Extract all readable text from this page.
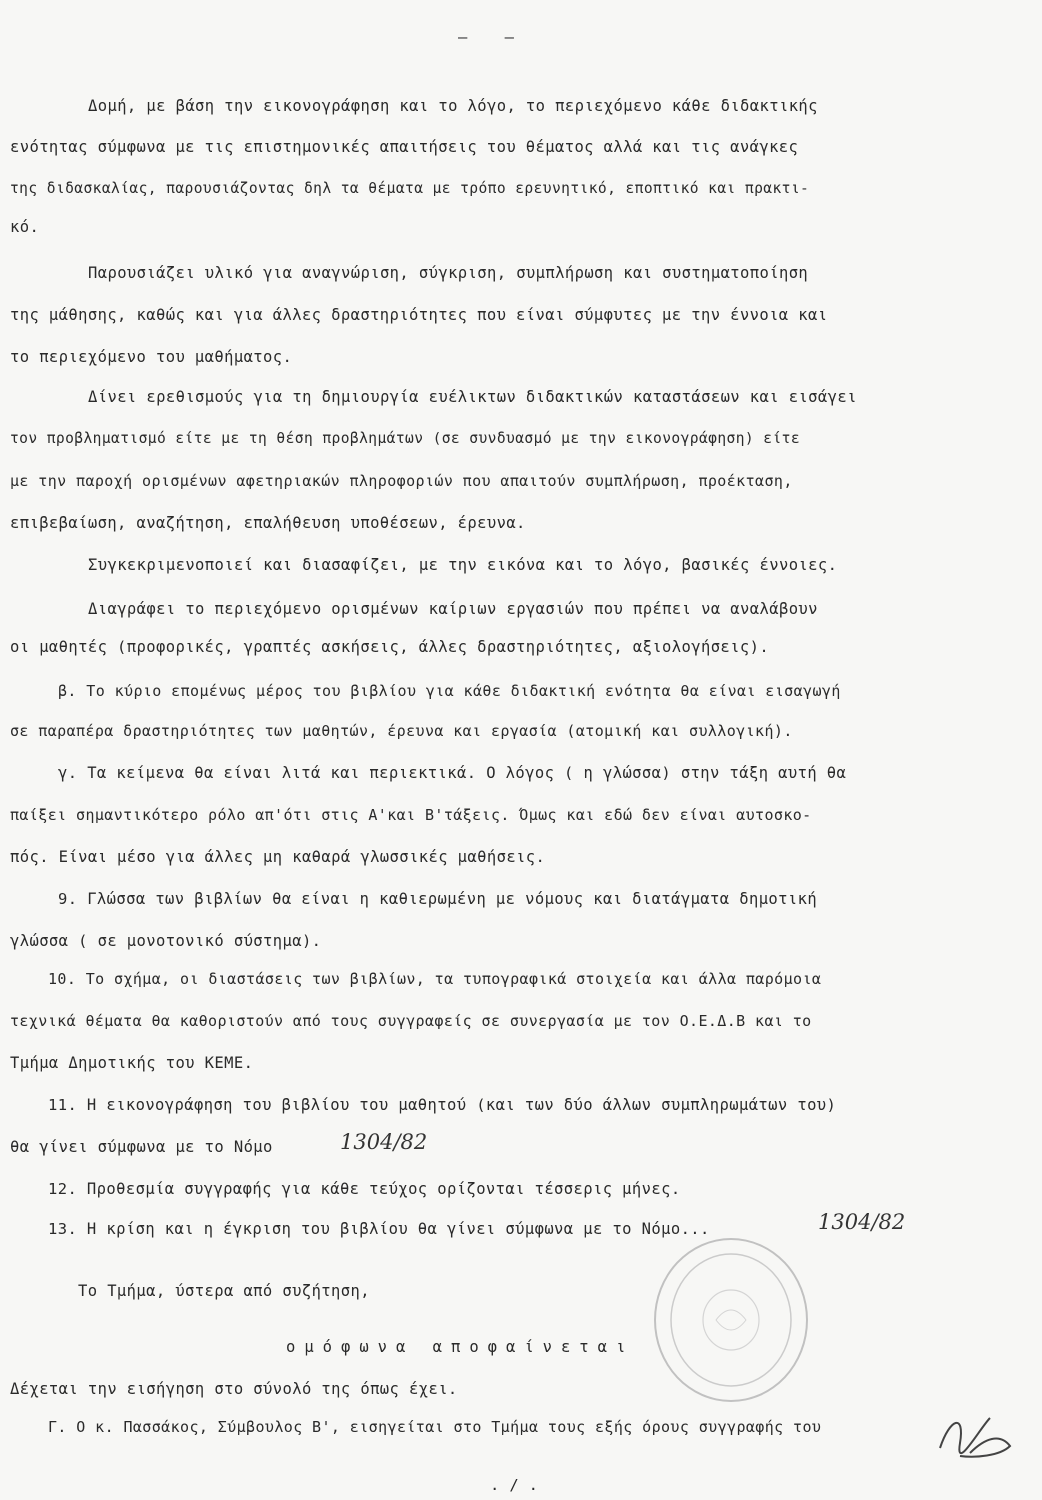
– –
Δομή, με βάση την εικονογράφηση και το λόγο, το περιεχόμενο κάθε διδακτικής
ενότητας σύμφωνα με τις επιστημονικές απαιτήσεις του θέματος αλλά και τις ανάγκες
της διδασκαλίας, παρουσιάζοντας δηλ τα θέματα με τρόπο ερευνητικό, εποπτικό και πρακτι-
κό.
Παρουσιάζει υλικό για αναγνώριση, σύγκριση, συμπλήρωση και συστηματοποίηση
της μάθησης, καθώς και για άλλες δραστηριότητες που είναι σύμφυτες με την έννοια και
το περιεχόμενο του μαθήματος.
Δίνει ερεθισμούς για τη δημιουργία ευέλικτων διδακτικών καταστάσεων και εισάγει
τον προβληματισμό είτε με τη θέση προβλημάτων (σε συνδυασμό με την εικονογράφηση) είτε
με την παροχή ορισμένων αφετηριακών πληροφοριών που απαιτούν συμπλήρωση, προέκταση,
επιβεβαίωση, αναζήτηση, επαλήθευση υποθέσεων, έρευνα.
Συγκεκριμενοποιεί και διασαφίζει, με την εικόνα και το λόγο, βασικές έννοιες.
Διαγράφει το περιεχόμενο ορισμένων καίριων εργασιών που πρέπει να αναλάβουν
οι μαθητές (προφορικές, γραπτές ασκήσεις, άλλες δραστηριότητες, αξιολογήσεις).
β. Το κύριο επομένως μέρος του βιβλίου για κάθε διδακτική ενότητα θα είναι εισαγωγή
σε παραπέρα δραστηριότητες των μαθητών, έρευνα και εργασία (ατομική και συλλογική).
γ. Τα κείμενα θα είναι λιτά και περιεκτικά. Ο λόγος ( η γλώσσα) στην τάξη αυτή θα
παίξει σημαντικότερο ρόλο απ'ότι στις Α'και Β'τάξεις. Όμως και εδώ δεν είναι αυτοσκο-
πός. Είναι μέσο για άλλες μη καθαρά γλωσσικές μαθήσεις.
9. Γλώσσα των βιβλίων θα είναι η καθιερωμένη με νόμους και διατάγματα δημοτική
γλώσσα ( σε μονοτονικό σύστημα).
10. Το σχήμα, οι διαστάσεις των βιβλίων, τα τυπογραφικά στοιχεία και άλλα παρόμοια
τεχνικά θέματα θα καθοριστούν από τους συγγραφείς σε συνεργασία με τον Ο.Ε.Δ.Β και το
Τμήμα Δημοτικής του ΚΕΜΕ.
11. Η εικονογράφηση του βιβλίου του μαθητού (και των δύο άλλων συμπληρωμάτων του)
θα γίνει σύμφωνα με το Νόμο	1304/82
12. Προθεσμία συγγραφής για κάθε τεύχος ορίζονται τέσσερις μήνες.
13. Η κρίση και η έγκριση του βιβλίου θα γίνει σύμφωνα με το Νόμο...	1304/82
Το Τμήμα, ύστερα από συζήτηση,
ομόφωνα αποφαίνεται
Δέχεται την εισήγηση στο σύνολό της όπως έχει.
Γ. Ο κ. Πασσάκος, Σύμβουλος Β', εισηγείται στο Τμήμα τους εξής όρους συγγραφής του
./.
